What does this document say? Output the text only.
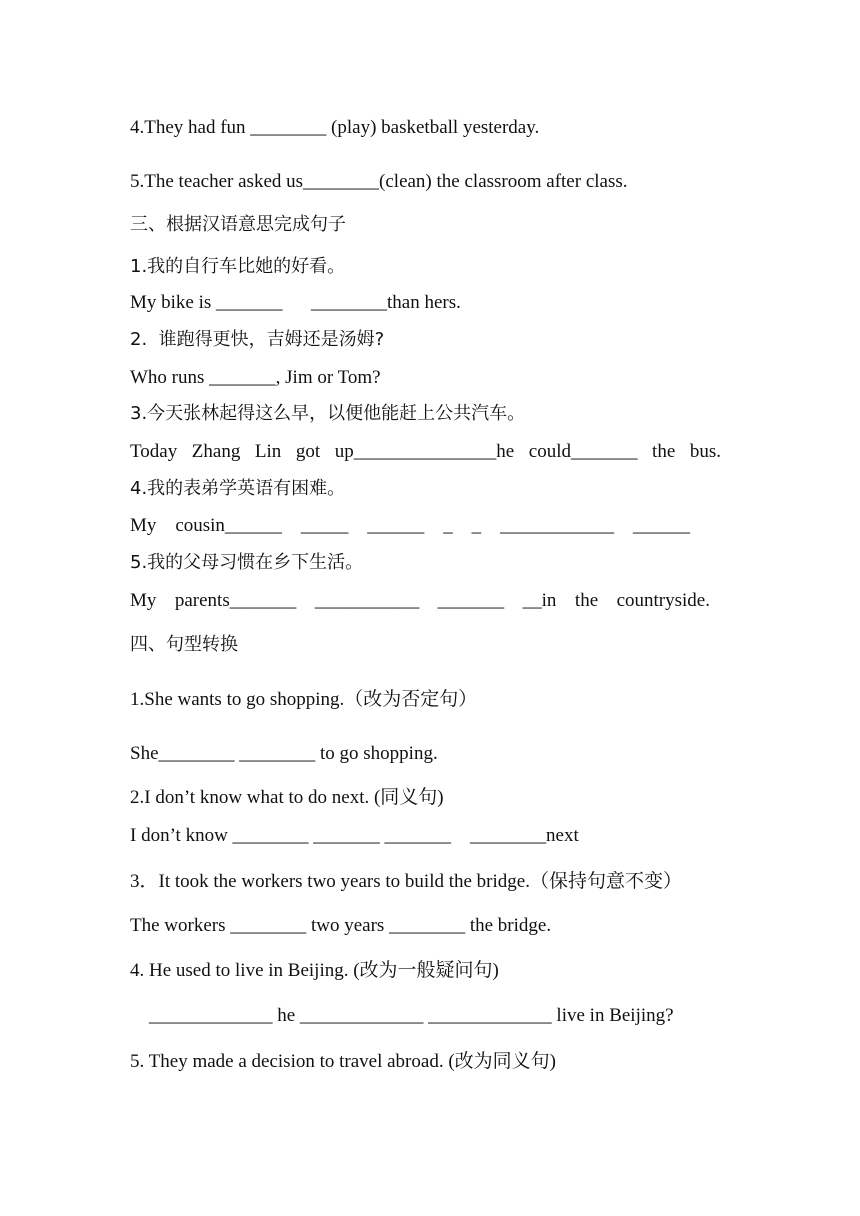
4.They had fun ________ (play) basketball yesterday.
5.The teacher asked us________(clean) the classroom after class.
三、根据汉语意思完成句子
1.我的自行车比她的好看。
My bike is _______      ________than hers.
2.  谁跑得更快，吉姆还是汤姆?
Who runs _______, Jim or Tom?
3.今天张林起得这么早，以便他能赶上公共汽车。
Today Zhang Lin got up_______________he could_______ the bus.
4.我的表弟学英语有困难。
My cousin______ _____ ______ _ _ ____________ ______
5.我的父母习惯在乡下生活。
My parents_______ ___________ _______ __in the countryside.
四、句型转换
1.She wants to go shopping.（改为否定句）
She________ ________ to go shopping.
2.I don’t know what to do next. (同义句)
I don’t know ________ _______ _______    ________next
3．It took the workers two years to build the bridge.（保持句意不变）
The workers ________ two years ________ the bridge.
4. He used to live in Beijing. (改为一般疑问句)
_____________ he _____________ _____________ live in Beijing?
5. They made a decision to travel abroad. (改为同义句)
